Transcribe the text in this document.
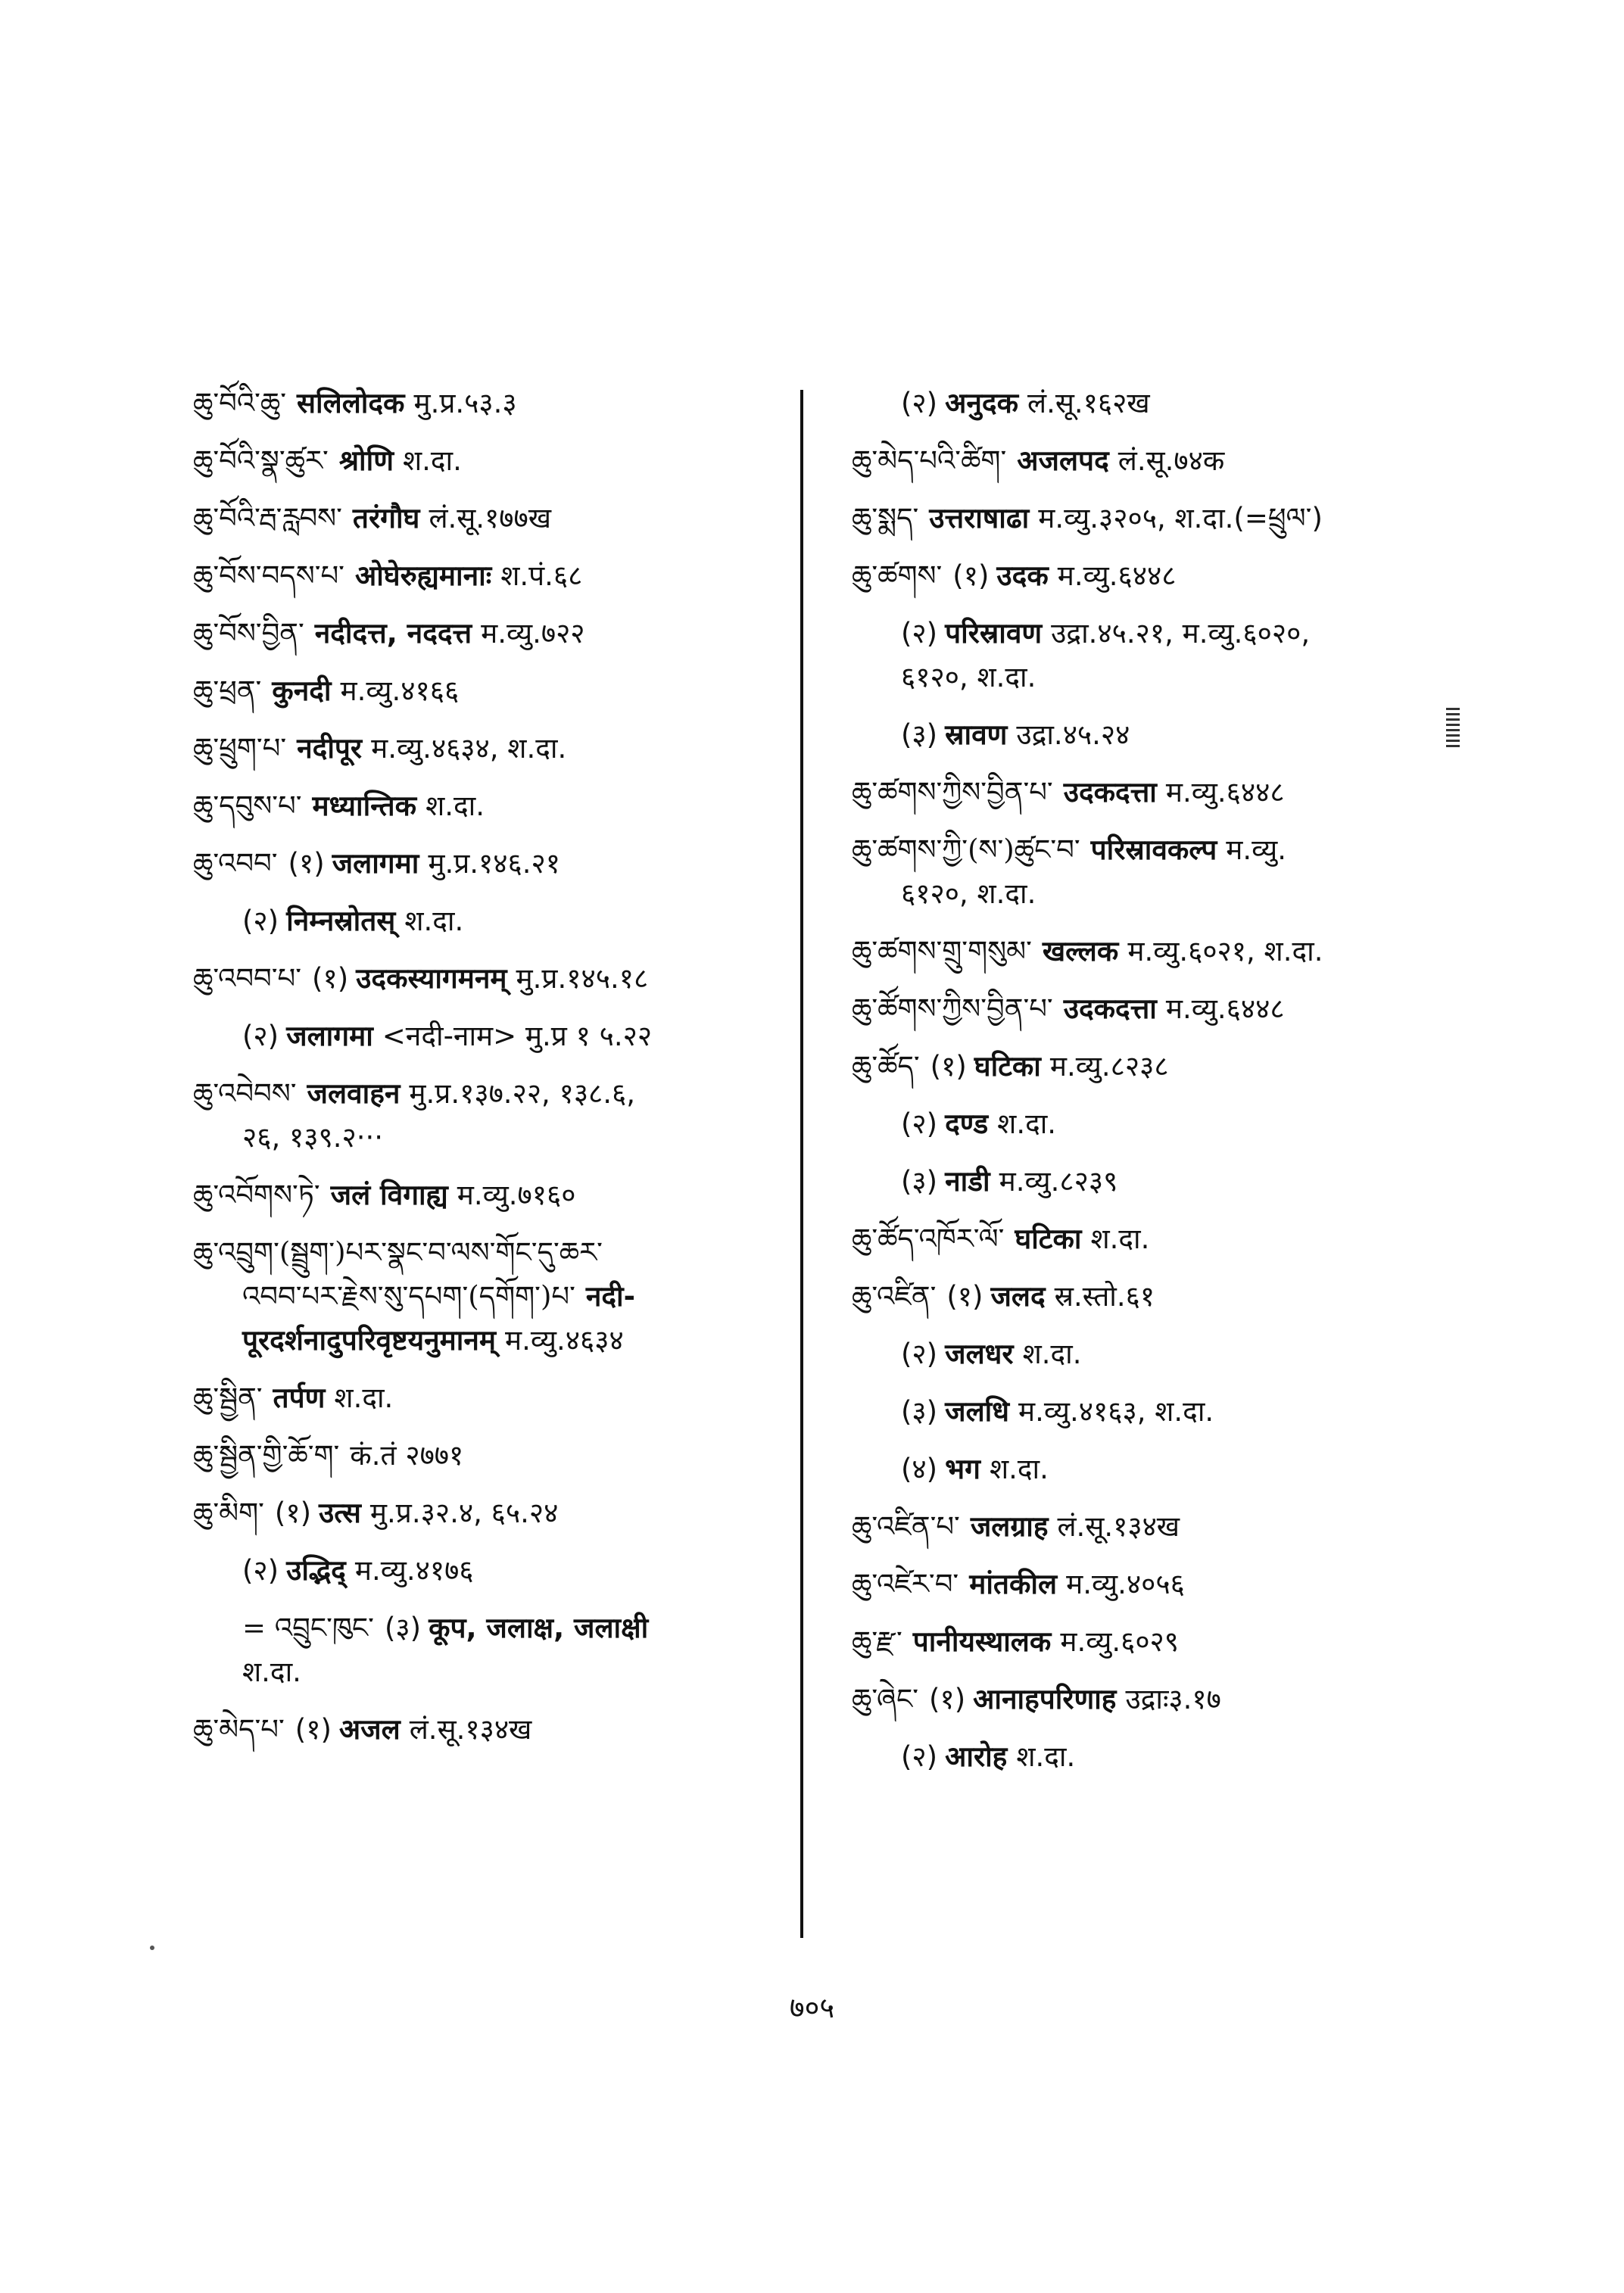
ཆུ་བོའི་ཆུ་ सलिलोदक मु.प्र.५३.३
ཆུ་བོའི་སྣ་ཚུར་ श्रोणि श.दा.
ཆུ་བོའི་རྦ་རླབས་ तरंगौघ लं.सू.१७७ख
ཆུ་བོས་བདས་པ་ ओघेरुह्यमानाः श.पं.६८
ཆུ་བོས་བྱིན་ नदीदत्त, नददत्त म.व्यु.७२२
ཆུ་ཕྲན་ कुनदी म.व्यु.४१६६
ཆུ་ཕྲུག་པ་ नदीपूर म.व्यु.४६३४, श.दा.
ཆུ་དབུས་པ་ मध्यान्तिक श.दा.
ཆུ་འབབ་ (१) जलागमा मु.प्र.१४६.२१
(२) निम्नस्रोतस् श.दा.
ཆུ་འབབ་པ་ (१) उदकस्यागमनम् मु.प्र.१४५.१८
(२) जलागमा <नदी-नाम> मु.प्र १ ५.२२
ཆུ་འབེབས་ जलवाहन मु.प्र.१३७.२२, १३८.६,
२६, १३९.२···
ཆུ་འབོགས་ཏེ་ जलं विगाह्य म.व्यु.७१६०
ཆུ་འབྲུག་(སྦྲུག་)པར་སྣང་བ་ལས་གོང་དུ་ཆར་
འབབ་པར་རྗེས་སུ་དཔག་(དགོག་)པ་ नदी-
पूरदर्शनादुपरिवृष्टयनुमानम् म.व्यु.४६३४
ཆུ་སྦྱིན་ तर्पण श.दा.
ཆུ་སྦྱིན་གྱི་ཆོ་ག་ कं.तं २७७१
ཆུ་མིག་ (१) उत्स मु.प्र.३२.४, ६५.२४
(२) उद्भिद् म.व्यु.४१७६
= འབྲུང་ཁུང་ (३) कूप, जलाक्ष, जलाक्षी
श.दा.
ཆུ་མེད་པ་ (१) अजल लं.सू.१३४ख
(२) अनुदक लं.सू.१६२ख
ཆུ་མེད་པའི་ཚིག་ अजलपद लं.सू.७४क
ཆུ་སྨད་ उत्तराषाढा म.व्यु.३२०५, श.दा.(=ཕྲུལ་)
ཆུ་ཚགས་ (१) उदक म.व्यु.६४४८
(२) परिस्रावण उद्रा.४५.२१, म.व्यु.६०२०,
६१२०, श.दा.
(३) स्रावण उद्रा.४५.२४
ཆུ་ཚགས་ཀྱིས་བྱིན་པ་ उदकदत्ता म.व्यु.६४४८
ཆུ་ཚགས་ཀྱི་(ས་)ཚུང་བ་ परिस्रावकल्प म.व्यु.
६१२०, श.दा.
ཆུ་ཚགས་གྲུ་གསུམ་ खल्लक म.व्यु.६०२१, श.दा.
ཆུ་ཚོགས་ཀྱིས་བྱིན་པ་ उदकदत्ता म.व्यु.६४४८
ཆུ་ཚོད་ (१) घटिका म.व्यु.८२३८
(२) दण्ड श.दा.
(३) नाडी म.व्यु.८२३९
ཆུ་ཚོད་འཁོར་ལོ་ घटिका श.दा.
ཆུ་འཛིན་ (१) जलद स्र.स्तो.६१
(२) जलधर श.दा.
(३) जलधि म.व्यु.४१६३, श.दा.
(४) भग श.दा.
ཆུ་འཛིན་པ་ जलग्राह लं.सू.१३४ख
ཆུ་འཛེར་བ་ मांतकील म.व्यु.४०५६
ཆུ་རྫ་ पानीयस्थालक म.व्यु.६०२९
ཆུ་ཞེང་ (१) आनाहपरिणाह उद्राः३.१७
(२) आरोह श.दा.
७०५
